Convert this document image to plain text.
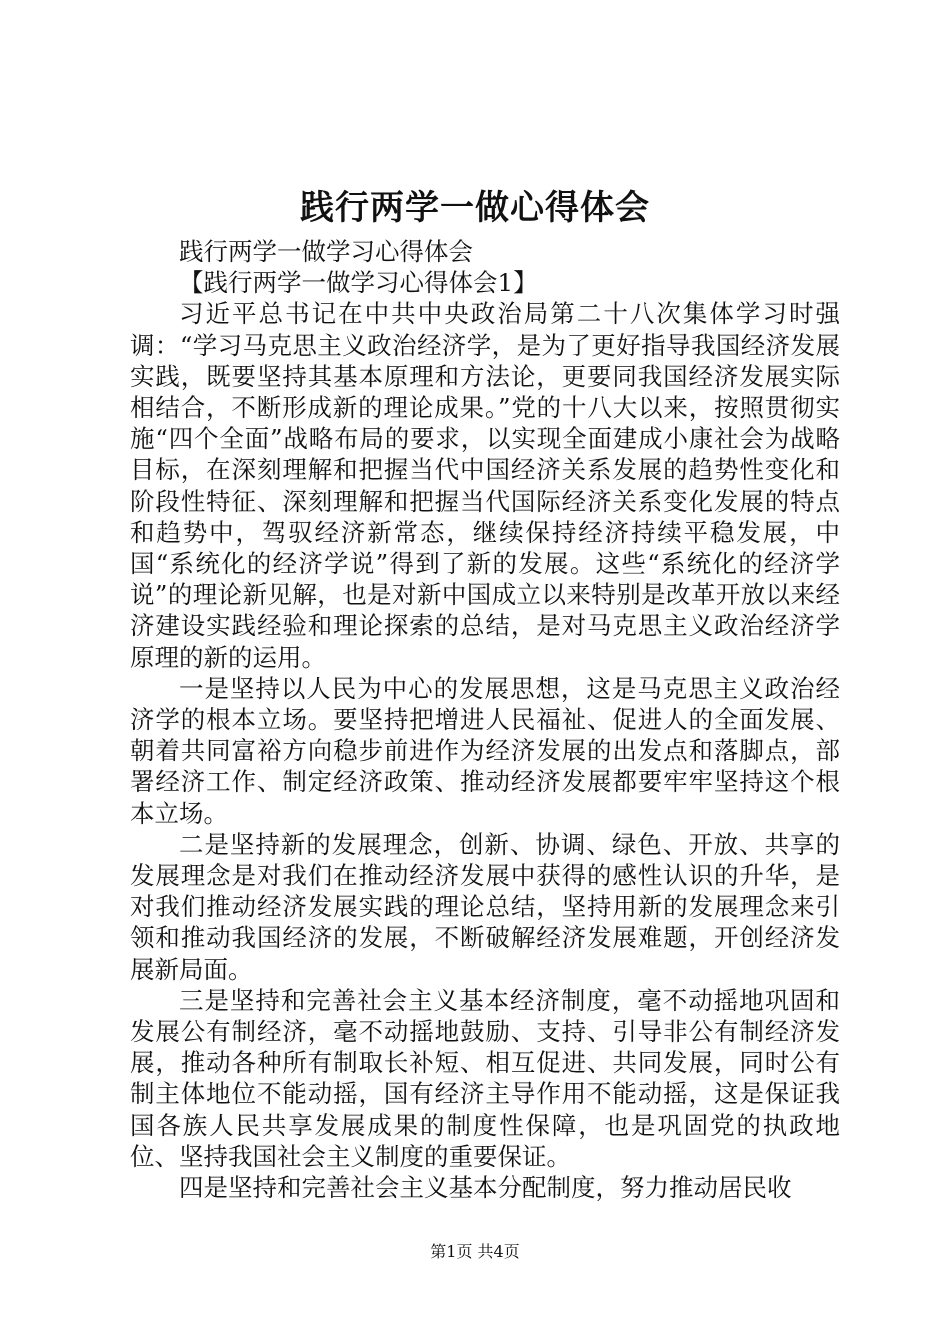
践行两学一做心得体会

践行两学一做学习心得体会

【践行两学一做学习心得体会1】

习近平总书记在中共中央政治局第二十八次集体学习时强调：“学习马克思主义政治经济学，是为了更好指导我国经济发展实践，既要坚持其基本原理和方法论，更要同我国经济发展实际相结合，不断形成新的理论成果。”党的十八大以来，按照贯彻实施“四个全面”战略布局的要求，以实现全面建成小康社会为战略目标，在深刻理解和把握当代中国经济关系发展的趋势性变化和阶段性特征、深刻理解和把握当代国际经济关系变化发展的特点和趋势中，驾驭经济新常态，继续保持经济持续平稳发展，中国“系统化的经济学说”得到了新的发展。这些“系统化的经济学说”的理论新见解，也是对新中国成立以来特别是改革开放以来经济建设实践经验和理论探索的总结，是对马克思主义政治经济学原理的新的运用。

一是坚持以人民为中心的发展思想，这是马克思主义政治经济学的根本立场。要坚持把增进人民福祉、促进人的全面发展、朝着共同富裕方向稳步前进作为经济发展的出发点和落脚点，部署经济工作、制定经济政策、推动经济发展都要牢牢坚持这个根本立场。

二是坚持新的发展理念，创新、协调、绿色、开放、共享的发展理念是对我们在推动经济发展中获得的感性认识的升华，是对我们推动经济发展实践的理论总结，坚持用新的发展理念来引领和推动我国经济的发展，不断破解经济发展难题，开创经济发展新局面。

三是坚持和完善社会主义基本经济制度，毫不动摇地巩固和发展公有制经济，毫不动摇地鼓励、支持、引导非公有制经济发展，推动各种所有制取长补短、相互促进、共同发展，同时公有制主体地位不能动摇，国有经济主导作用不能动摇，这是保证我国各族人民共享发展成果的制度性保障，也是巩固党的执政地位、坚持我国社会主义制度的重要保证。

四是坚持和完善社会主义基本分配制度，努力推动居民收

第1页 共4页
